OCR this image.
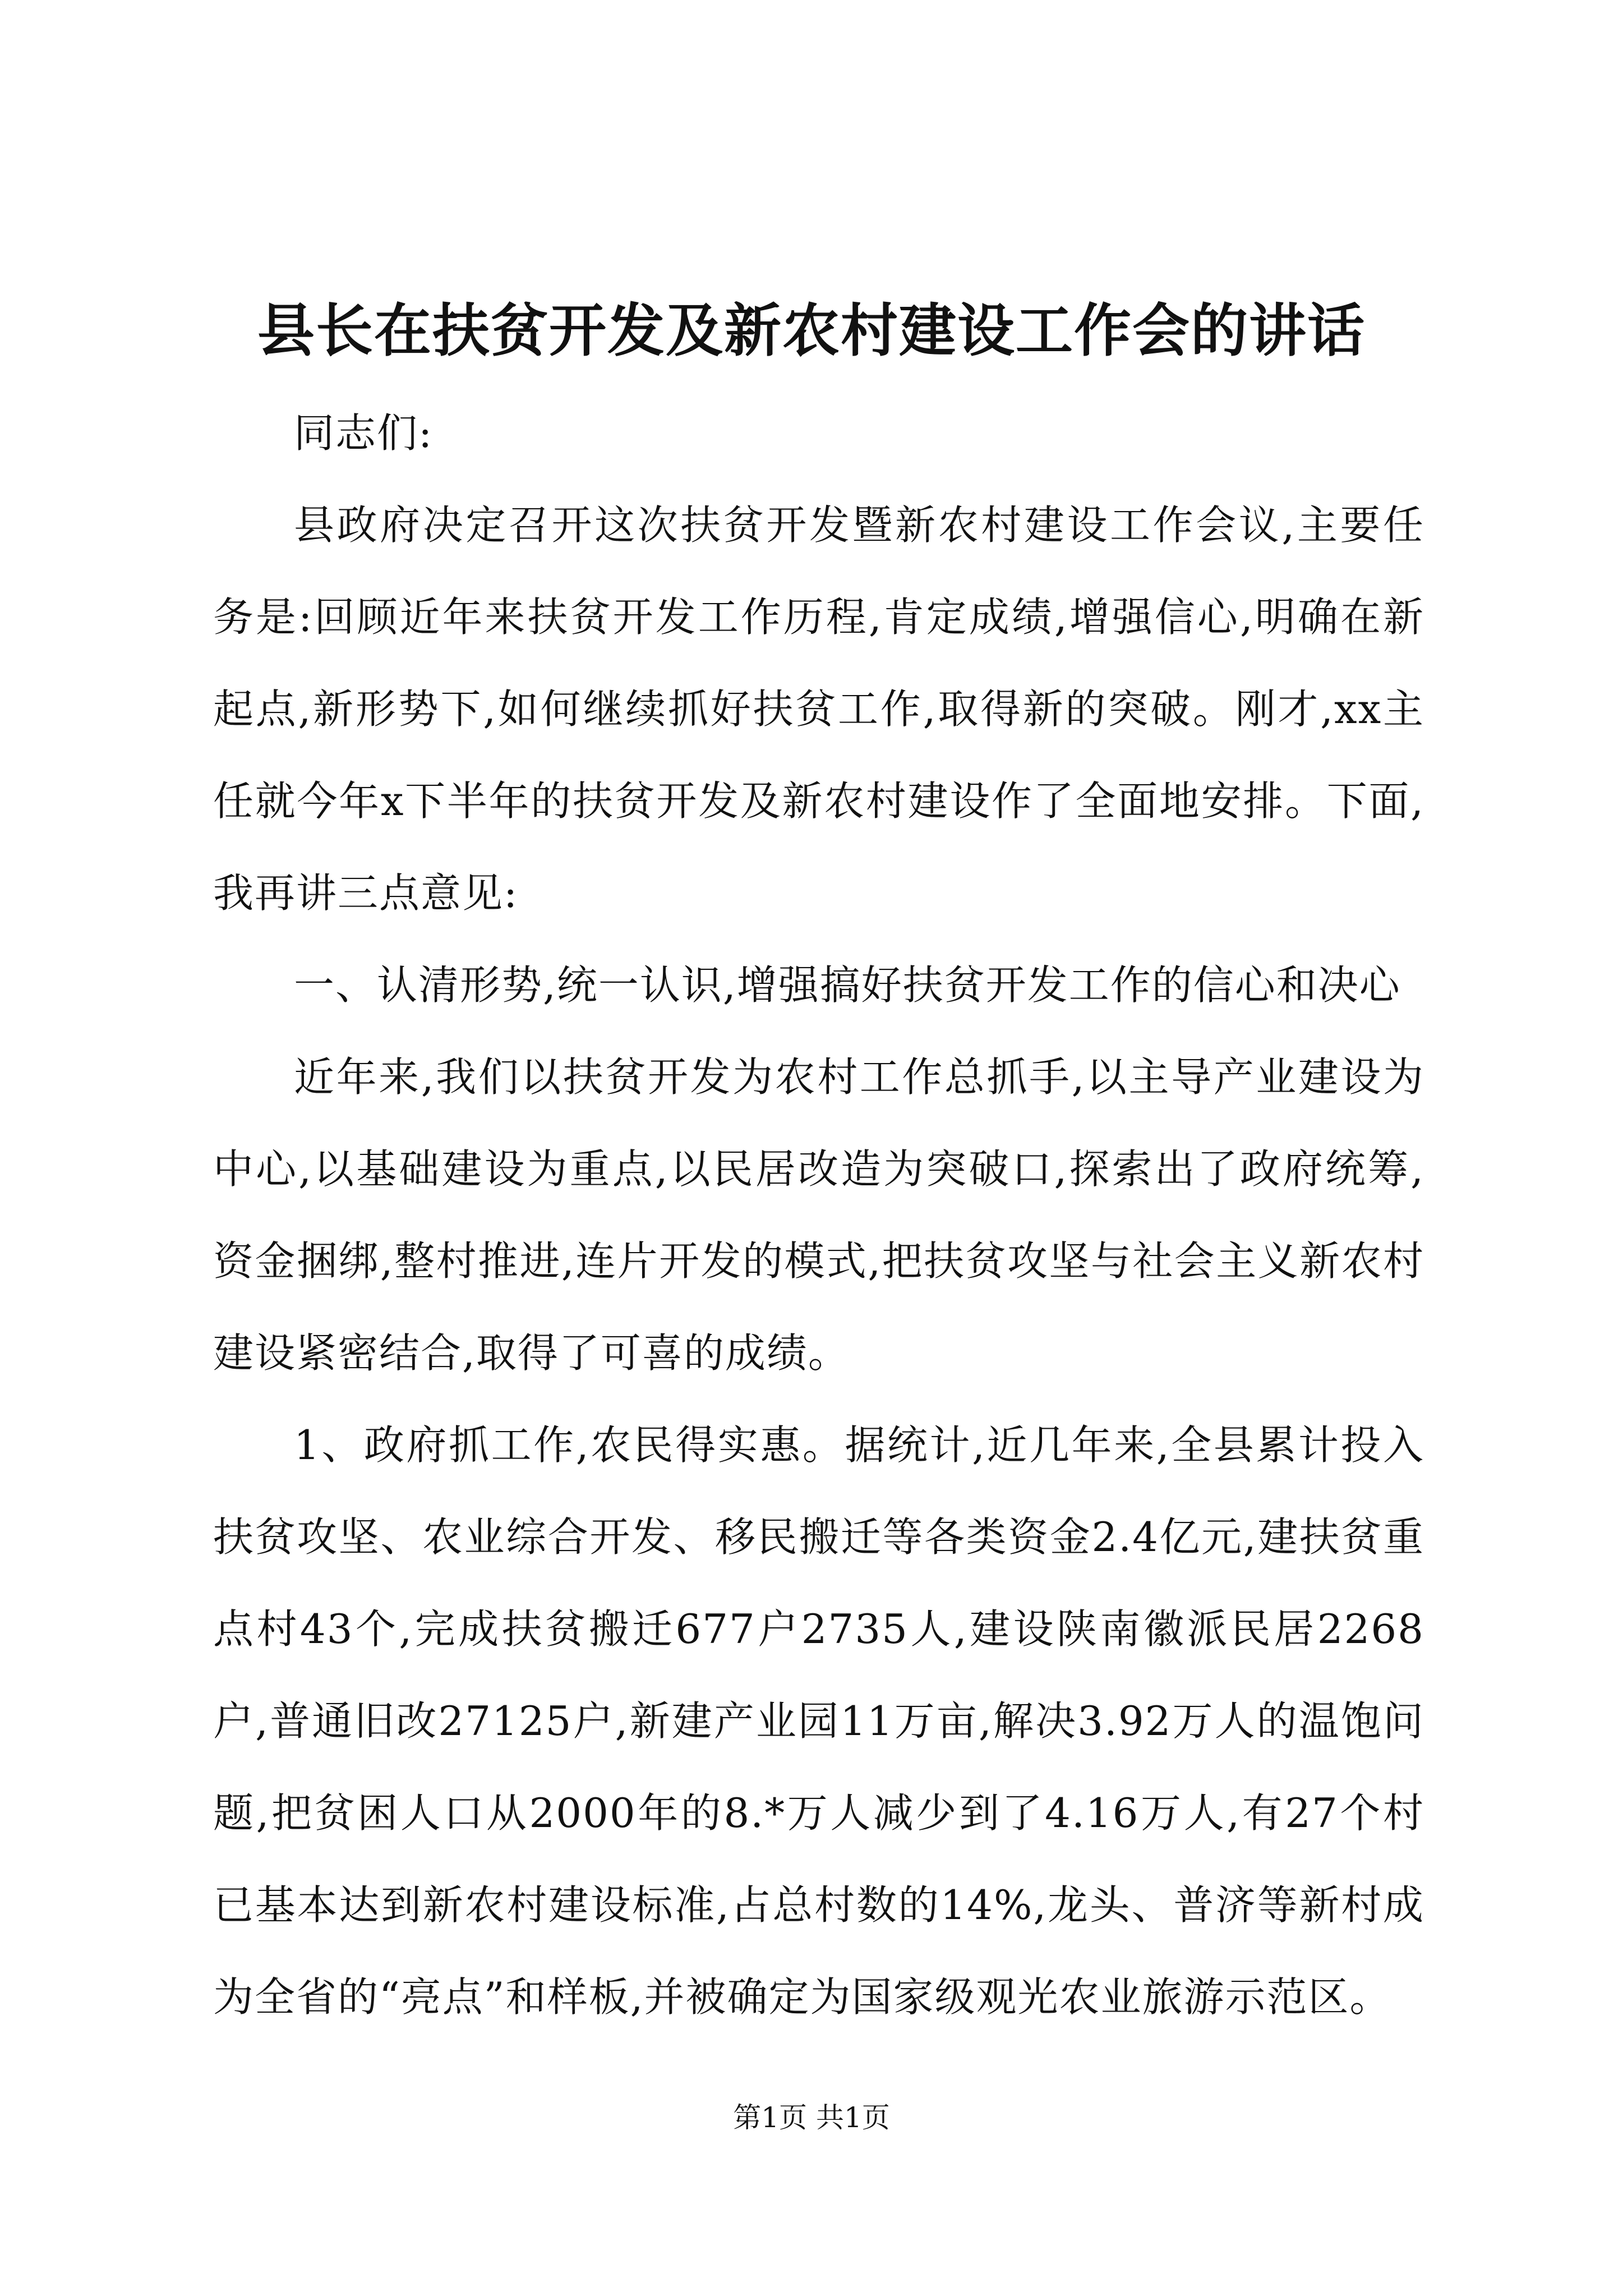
县长在扶贫开发及新农村建设工作会的讲话

同志们:

县政府决定召开这次扶贫开发暨新农村建设工作会议,主要任务是:回顾近年来扶贫开发工作历程,肯定成绩,增强信心,明确在新起点,新形势下,如何继续抓好扶贫工作,取得新的突破。刚才,xx主任就今年x下半年的扶贫开发及新农村建设作了全面地安排。下面,我再讲三点意见:

一、认清形势,统一认识,增强搞好扶贫开发工作的信心和决心

近年来,我们以扶贫开发为农村工作总抓手,以主导产业建设为中心,以基础建设为重点,以民居改造为突破口,探索出了政府统筹,资金捆绑,整村推进,连片开发的模式,把扶贫攻坚与社会主义新农村建设紧密结合,取得了可喜的成绩。

1、政府抓工作,农民得实惠。据统计,近几年来,全县累计投入扶贫攻坚、农业综合开发、移民搬迁等各类资金2.4亿元,建扶贫重点村43个,完成扶贫搬迁677户2735人,建设陕南徽派民居2268户,普通旧改27125户,新建产业园11万亩,解决3.92万人的温饱问题,把贫困人口从2000年的8.*万人减少到了4.16万人,有27个村已基本达到新农村建设标准,占总村数的14%,龙头、普济等新村成为全省的“亮点”和样板,并被确定为国家级观光农业旅游示范区。

第1页 共1页
